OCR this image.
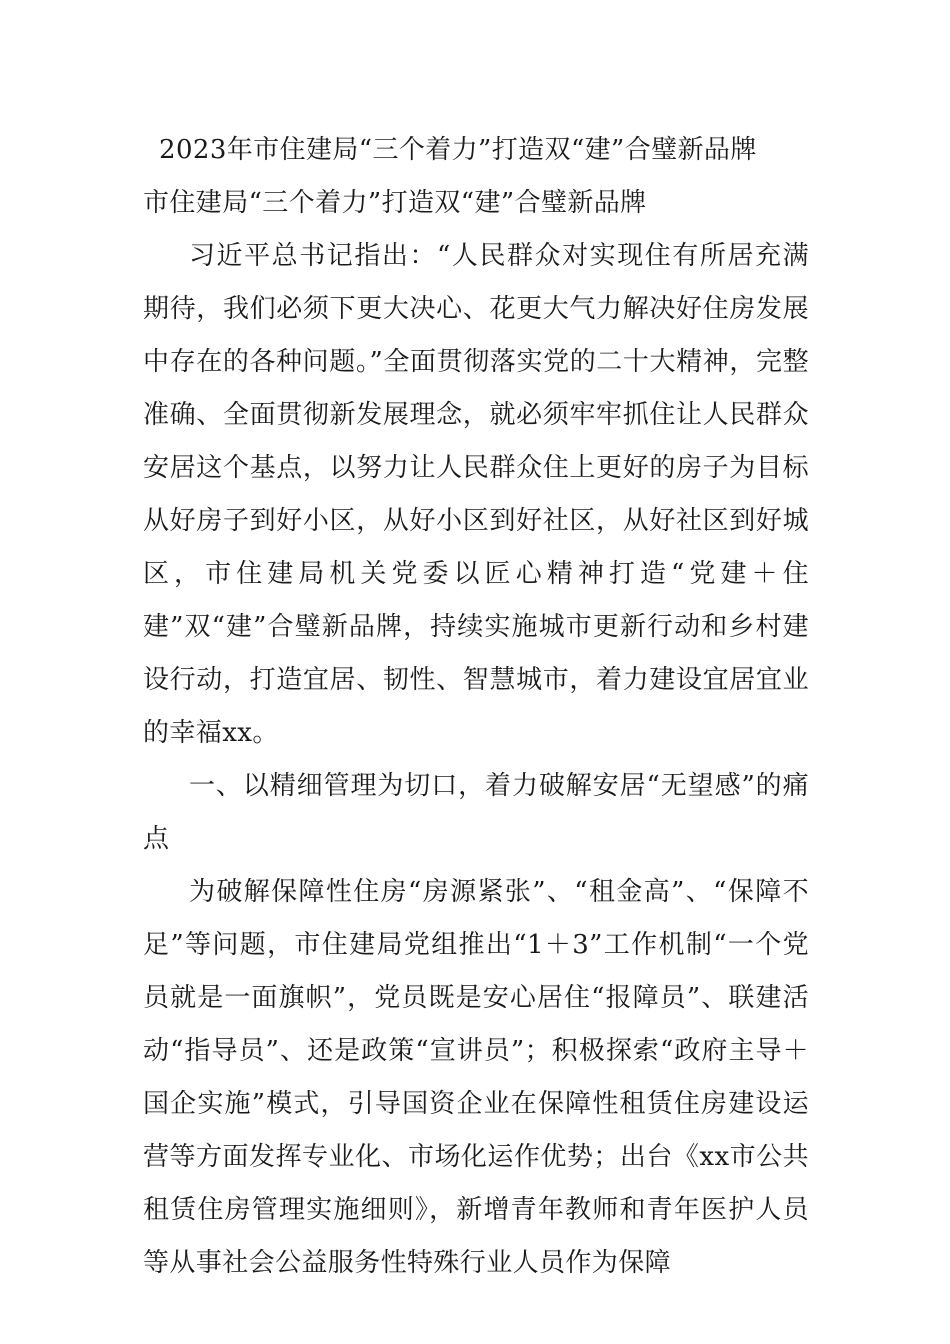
2023年市住建局“三个着力”打造双“建”合璧新品牌
市住建局“三个着力”打造双“建”合璧新品牌

习近平总书记指出：“人民群众对实现住有所居充满期待，我们必须下更大决心、花更大气力解决好住房发展中存在的各种问题。”全面贯彻落实党的二十大精神，完整准确、全面贯彻新发展理念，就必须牢牢抓住让人民群众安居这个基点，以努力让人民群众住上更好的房子为目标从好房子到好小区，从好小区到好社区，从好社区到好城区，市住建局机关党委以匠心精神打造“党建＋住建”双“建”合璧新品牌，持续实施城市更新行动和乡村建设行动，打造宜居、韧性、智慧城市，着力建设宜居宜业的幸福xx。

一、以精细管理为切口，着力破解安居“无望感”的痛点

为破解保障性住房“房源紧张”、“租金高”、“保障不足”等问题，市住建局党组推出“1＋3”工作机制“一个党员就是一面旗帜”，党员既是安心居住“报障员”、联建活动“指导员”、还是政策“宣讲员”；积极探索“政府主导＋国企实施”模式，引导国资企业在保障性租赁住房建设运营等方面发挥专业化、市场化运作优势；出台《xx市公共租赁住房管理实施细则》，新增青年教师和青年医护人员等从事社会公益服务性特殊行业人员作为保障
